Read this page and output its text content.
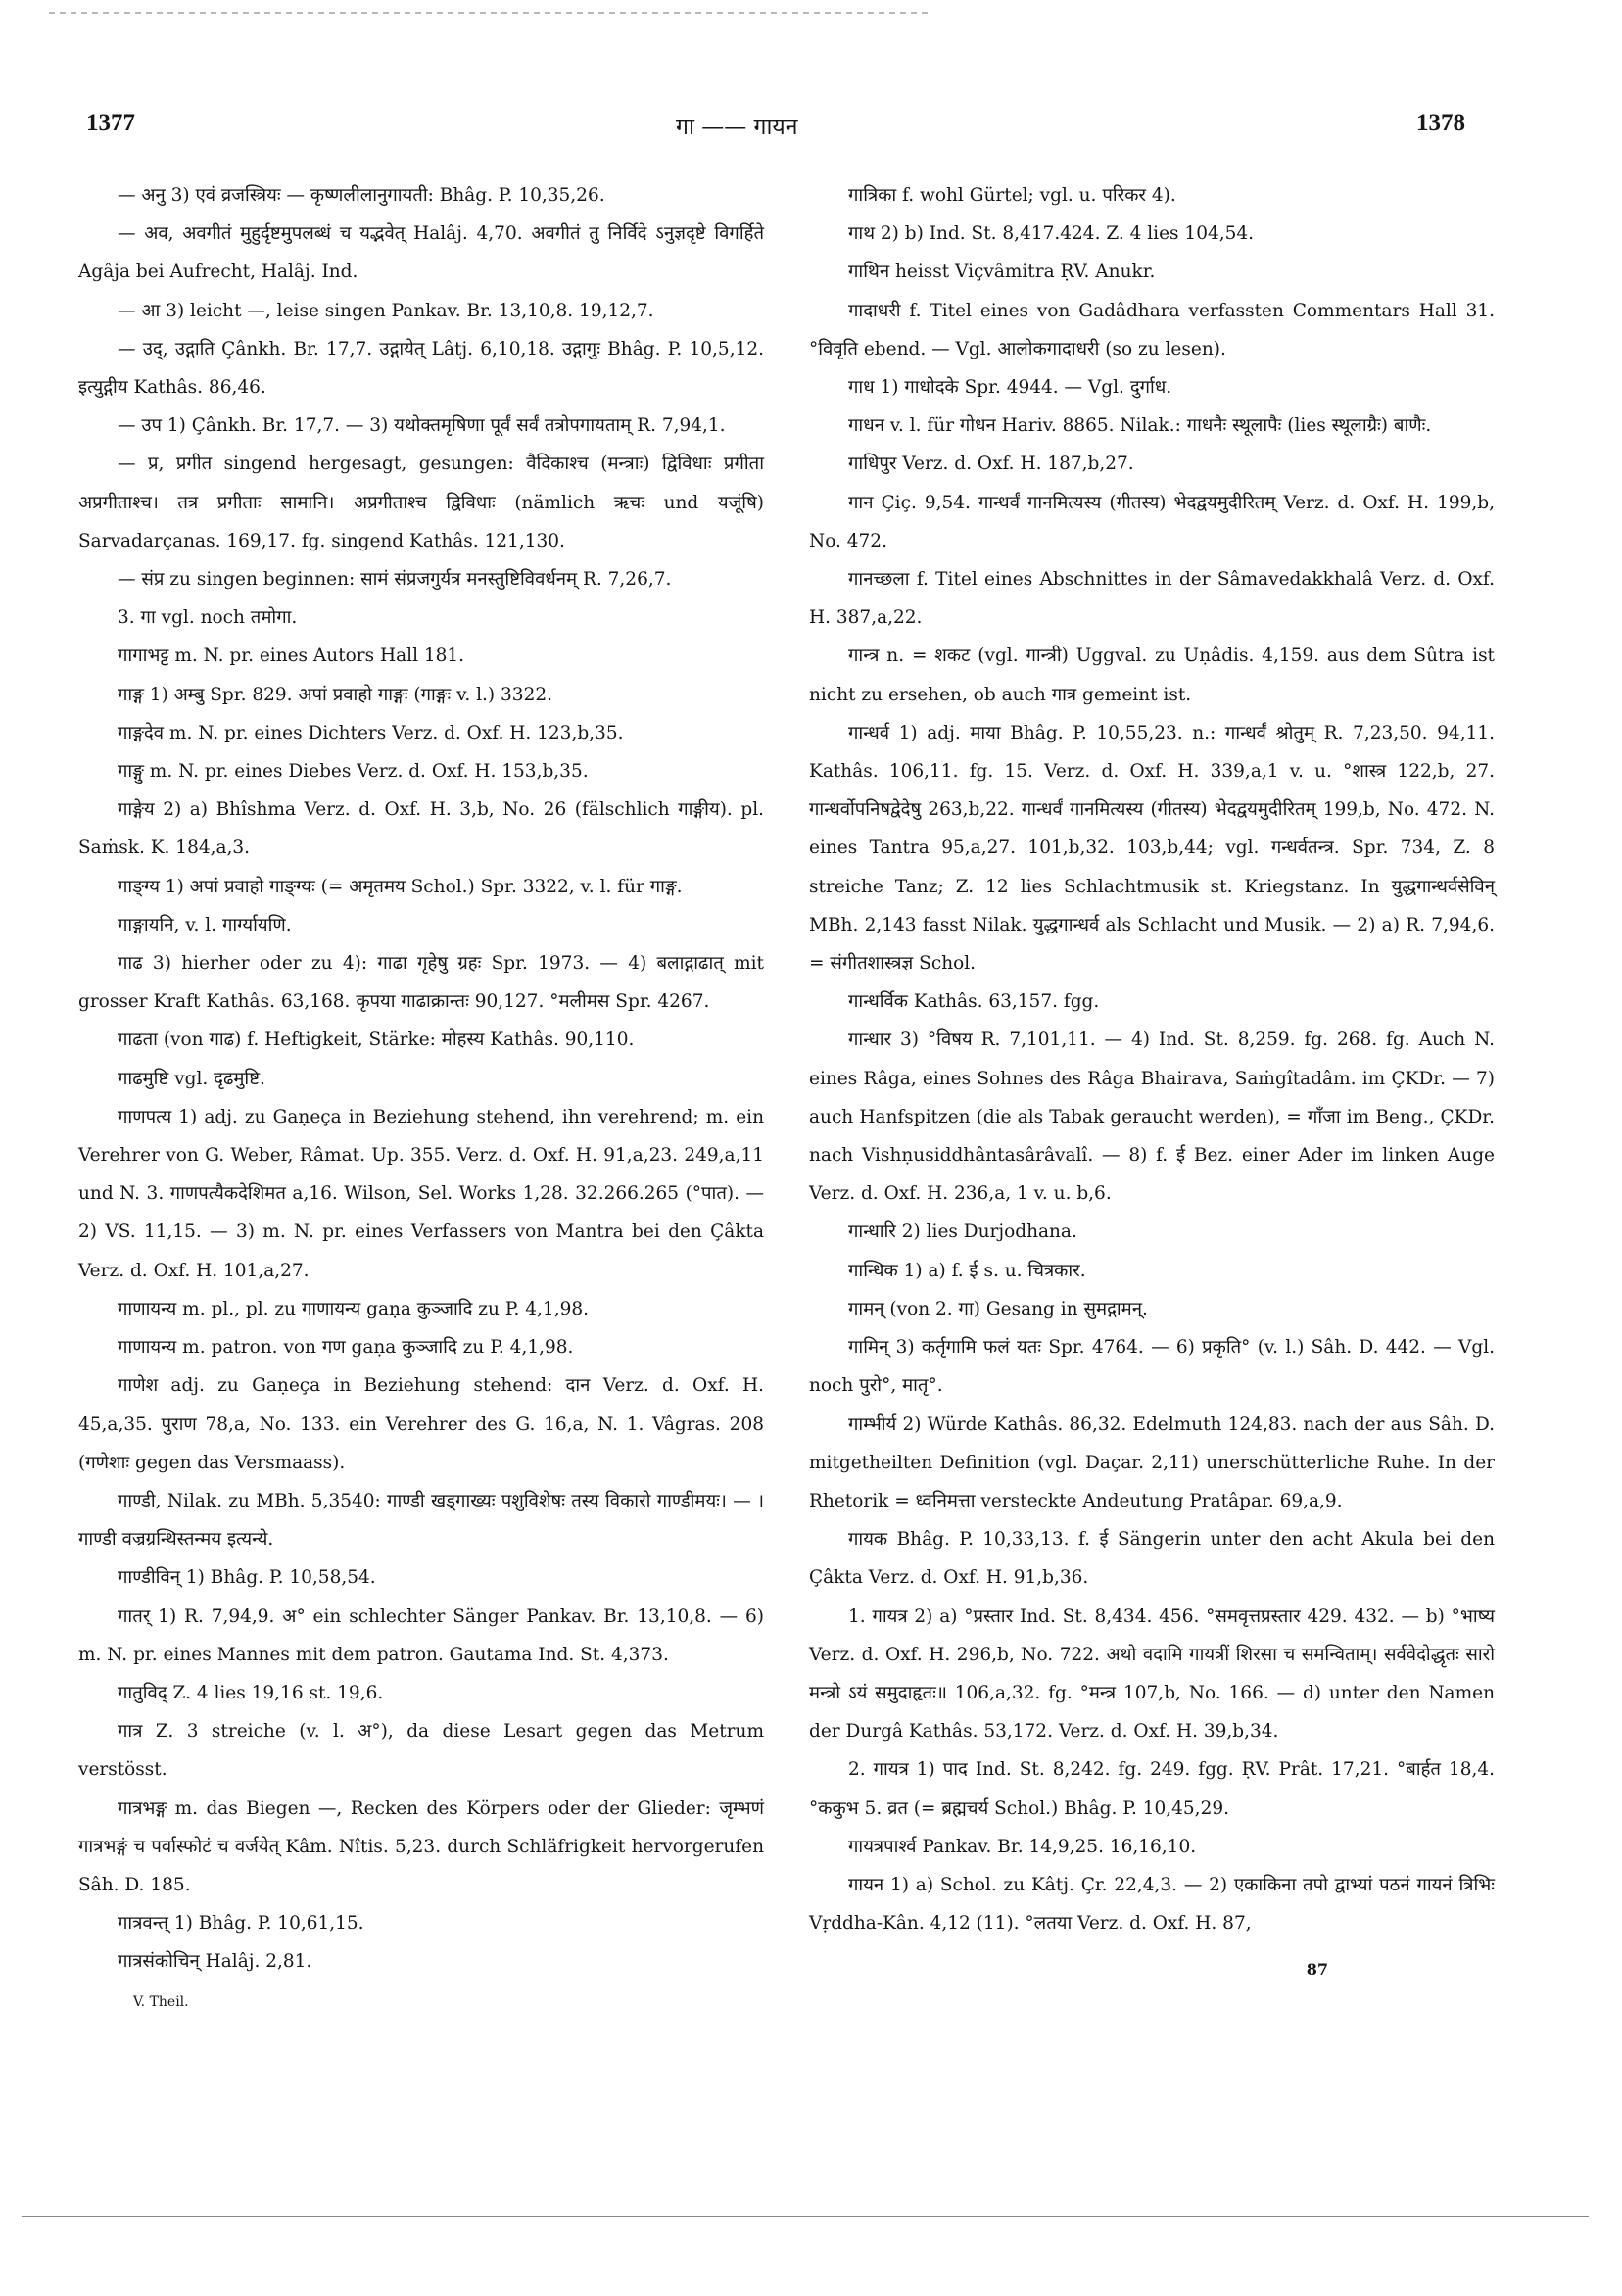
1377	गा —— गायन	1378

— अनु 3) एवं व्रजस्त्रियः — कृष्णलीलानुगायती: Bhâg. P. 10,35,26.

— अव, अवगीतं मुहुर्दृष्टमुपलब्धं च यद्भवेत् Halâj. 4,70. अवगीतं तु निर्विदे ऽनुज्ञदृष्टे विगर्हिते Agâja bei Aufrecht, Halâj. Ind.

— आ 3) leicht —, leise singen Pankav. Br. 13,10,8. 19,12,7.

— उद्, उद्गाति Çânkh. Br. 17,7. उद्गायेत् Lâtj. 6,10,18. उद्गागुः Bhâg. P. 10,5,12. इत्युद्गीय Kathâs. 86,46.

— उप 1) Çânkh. Br. 17,7. — 3) यथोक्तमृषिणा पूर्वं सर्वं तत्रोपगायताम् R. 7,94,1.

— प्र, प्रगीत singend hergesagt, gesungen: वैदिकाश्च (मन्त्राः) द्विविधाः प्रगीता अप्रगीताश्च। तत्र प्रगीताः सामानि। अप्रगीताश्च द्विविधाः (nämlich ऋचः und यजूंषि) Sarvadarçanas. 169,17. fg. singend Kathâs. 121,130.

— संप्र zu singen beginnen: सामं संप्रजगुर्यत्र मनस्तुष्टिविवर्धनम् R. 7,26,7.

3. गा vgl. noch तमोगा.

गागाभट्ट m. N. pr. eines Autors Hall 181.

गाङ्ग 1) अम्बु Spr. 829. अपां प्रवाहो गाङ्गः (गाङ्गः v. l.) 3322.

गाङ्गदेव m. N. pr. eines Dichters Verz. d. Oxf. H. 123,b,35.

गाङ्गु m. N. pr. eines Diebes Verz. d. Oxf. H. 153,b,35.

गाङ्गेय 2) a) Bhîshma Verz. d. Oxf. H. 3,b, No. 26 (fälschlich गाङ्गीय). pl. Saṁsk. K. 184,a,3.

गाङ्ग्य 1) अपां प्रवाहो गाङ्ग्यः (= अमृतमय Schol.) Spr. 3322, v. l. für गाङ्ग.

गाङ्गायनि, v. l. गार्ग्यायणि.

गाढ 3) hierher oder zu 4): गाढा गृहेषु ग्रहः Spr. 1973. — 4) बलाद्गाढात् mit grosser Kraft Kathâs. 63,168. कृपया गाढाक्रान्तः 90,127. °मलीमस Spr. 4267.

गाढता (von गाढ) f. Heftigkeit, Stärke: मोहस्य Kathâs. 90,110.

गाढमुष्टि vgl. दृढमुष्टि.

गाणपत्य 1) adj. zu Gaṇeça in Beziehung stehend, ihn verehrend; m. ein Verehrer von G. Weber, Râmat. Up. 355. Verz. d. Oxf. H. 91,a,23. 249,a,11 und N. 3. गाणपत्यैकदेशिमत a,16. Wilson, Sel. Works 1,28. 32.266.265 (°पात). — 2) VS. 11,15. — 3) m. N. pr. eines Verfassers von Mantra bei den Çâkta Verz. d. Oxf. H. 101,a,27.

गाणायन्य m. pl., pl. zu गाणायन्य gaṇa कुञ्जादि zu P. 4,1,98.

गाणायन्य m. patron. von गण gaṇa कुञ्जादि zu P. 4,1,98.

गाणेश adj. zu Gaṇeça in Beziehung stehend: दान Verz. d. Oxf. H. 45,a,35. पुराण 78,a, No. 133. ein Verehrer des G. 16,a, N. 1. Vâgras. 208 (गणेशाः gegen das Versmaass).

गाण्डी, Nilak. zu MBh. 5,3540: गाण्डी खड्गाख्यः पशुविशेषः तस्य विकारो गाण्डीमयः। — । गाण्डी वज्रग्रन्थिस्तन्मय इत्यन्ये.

गाण्डीविन् 1) Bhâg. P. 10,58,54.

गातर् 1) R. 7,94,9. अ° ein schlechter Sänger Pankav. Br. 13,10,8. — 6) m. N. pr. eines Mannes mit dem patron. Gautama Ind. St. 4,373.

गातुविद् Z. 4 lies 19,16 st. 19,6.

गात्र Z. 3 streiche (v. l. अ°), da diese Lesart gegen das Metrum verstösst.

गात्रभङ्ग m. das Biegen —, Recken des Körpers oder der Glieder: जृम्भणं गात्रभङ्गं च पर्वास्फोटं च वर्जयेत् Kâm. Nîtis. 5,23. durch Schläfrigkeit hervorgerufen Sâh. D. 185.

गात्रवन्त् 1) Bhâg. P. 10,61,15.

गात्रसंकोचिन् Halâj. 2,81.

V. Theil.

गात्रिका f. wohl Gürtel; vgl. u. परिकर 4).

गाथ 2) b) Ind. St. 8,417.424. Z. 4 lies 104,54.

गाथिन heisst Viçvâmitra ṚV. Anukr.

गादाधरी f. Titel eines von Gadâdhara verfassten Commentars Hall 31. °विवृति ebend. — Vgl. आलोकगादाधरी (so zu lesen).

गाध 1) गाधोदके Spr. 4944. — Vgl. दुर्गाध.

गाधन v. l. für गोधन Hariv. 8865. Nilak.: गाधनैः स्थूलापैः (lies स्थूलाग्रैः) बाणैः.

गाधिपुर Verz. d. Oxf. H. 187,b,27.

गान Çiç. 9,54. गान्धर्वं गानमित्यस्य (गीतस्य) भेदद्वयमुदीरितम् Verz. d. Oxf. H. 199,b, No. 472.

गानच्छला f. Titel eines Abschnittes in der Sâmavedakkhalâ Verz. d. Oxf. H. 387,a,22.

गान्त्र n. = शकट (vgl. गान्त्री) Uggval. zu Uṇâdis. 4,159. aus dem Sûtra ist nicht zu ersehen, ob auch गात्र gemeint ist.

गान्धर्व 1) adj. माया Bhâg. P. 10,55,23. n.: गान्धर्वं श्रोतुम् R. 7,23,50. 94,11. Kathâs. 106,11. fg. 15. Verz. d. Oxf. H. 339,a,1 v. u. °शास्त्र 122,b, 27. गान्धर्वोपनिषद्वेदेषु 263,b,22. गान्धर्वं गानमित्यस्य (गीतस्य) भेदद्वयमुदीरितम् 199,b, No. 472. N. eines Tantra 95,a,27. 101,b,32. 103,b,44; vgl. गन्धर्वतन्त्र. Spr. 734, Z. 8 streiche Tanz; Z. 12 lies Schlachtmusik st. Kriegstanz. In युद्धगान्धर्वसेविन् MBh. 2,143 fasst Nilak. युद्धगान्धर्व als Schlacht und Musik. — 2) a) R. 7,94,6. = संगीतशास्त्रज्ञ Schol.

गान्धर्विक Kathâs. 63,157. fgg.

गान्धार 3) °विषय R. 7,101,11. — 4) Ind. St. 8,259. fg. 268. fg. Auch N. eines Râga, eines Sohnes des Râga Bhairava, Saṁgîtadâm. im ÇKDr. — 7) auch Hanfspitzen (die als Tabak geraucht werden), = गाँजा im Beng., ÇKDr. nach Vishṇusiddhântasârâvalî. — 8) f. ई Bez. einer Ader im linken Auge Verz. d. Oxf. H. 236,a, 1 v. u. b,6.

गान्धारि 2) lies Durjodhana.

गान्धिक 1) a) f. ई s. u. चित्रकार.

गामन् (von 2. गा) Gesang in सुमद्गामन्.

गामिन् 3) कर्तृगामि फलं यतः Spr. 4764. — 6) प्रकृति° (v. l.) Sâh. D. 442. — Vgl. noch पुरो°, मातृ°.

गाम्भीर्य 2) Würde Kathâs. 86,32. Edelmuth 124,83. nach der aus Sâh. D. mitgetheilten Definition (vgl. Daçar. 2,11) unerschütterliche Ruhe. In der Rhetorik = ध्वनिमत्ता versteckte Andeutung Pratâpar. 69,a,9.

गायक Bhâg. P. 10,33,13. f. ई Sängerin unter den acht Akula bei den Çâkta Verz. d. Oxf. H. 91,b,36.

1. गायत्र 2) a) °प्रस्तार Ind. St. 8,434. 456. °समवृत्तप्रस्तार 429. 432. — b) °भाष्य Verz. d. Oxf. H. 296,b, No. 722. अथो वदामि गायत्रीं शिरसा च समन्विताम्। सर्ववेदोद्धृतः सारो मन्त्रो ऽयं समुदाहृतः॥ 106,a,32. fg. °मन्त्र 107,b, No. 166. — d) unter den Namen der Durgâ Kathâs. 53,172. Verz. d. Oxf. H. 39,b,34.

2. गायत्र 1) पाद Ind. St. 8,242. fg. 249. fgg. ṚV. Prât. 17,21. °बार्हत 18,4. °ककुभ 5. व्रत (= ब्रह्मचर्य Schol.) Bhâg. P. 10,45,29.

गायत्रपार्श्व Pankav. Br. 14,9,25. 16,16,10.

गायन 1) a) Schol. zu Kâtj. Çr. 22,4,3. — 2) एकाकिना तपो द्वाभ्यां पठनं गायनं त्रिभिः Vṛddha-Kân. 4,12 (11). °लतया Verz. d. Oxf. H. 87,

87
